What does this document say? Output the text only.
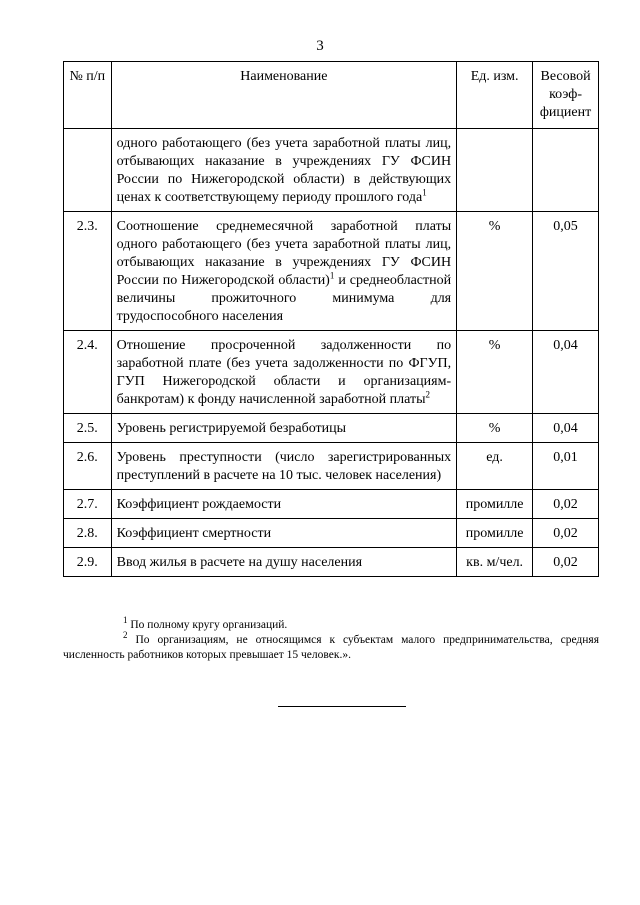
3
№ п/п	Наименование	Ед. изм.	Весовой коэф-фициент
	одного работающего (без учета заработной платы лиц, отбывающих наказание в учреждениях ГУ ФСИН России по Нижегородской области) в действующих ценах к соответствующему периоду прошлого года$^1$		
2.3.	Соотношение среднемесячной заработной платы одного работающего (без учета заработной платы лиц, отбывающих наказание в учреждениях ГУ ФСИН России по Нижегородской области)$^1$ и среднеобластной величины прожиточного минимума для трудоспособного населения	%	0,05
2.4.	Отношение просроченной задолженности по заработной плате (без учета задолженности по ФГУП, ГУП Нижегородской области и организациям-банкротам) к фонду начисленной заработной платы$^2$	%	0,04
2.5.	Уровень регистрируемой безработицы	%	0,04
2.6.	Уровень преступности (число зарегистрированных преступлений в расчете на 10 тыс. человек населения)	ед.	0,01
2.7.	Коэффициент рождаемости	промилле	0,02
2.8.	Коэффициент смертности	промилле	0,02
2.9.	Ввод жилья в расчете на душу населения	кв. м/чел.	0,02
$^1$ По полному кругу организаций.
$^2$ По организациям, не относящимся к субъектам малого предпринимательства, средняя численность работников которых превышает 15 человек.».
